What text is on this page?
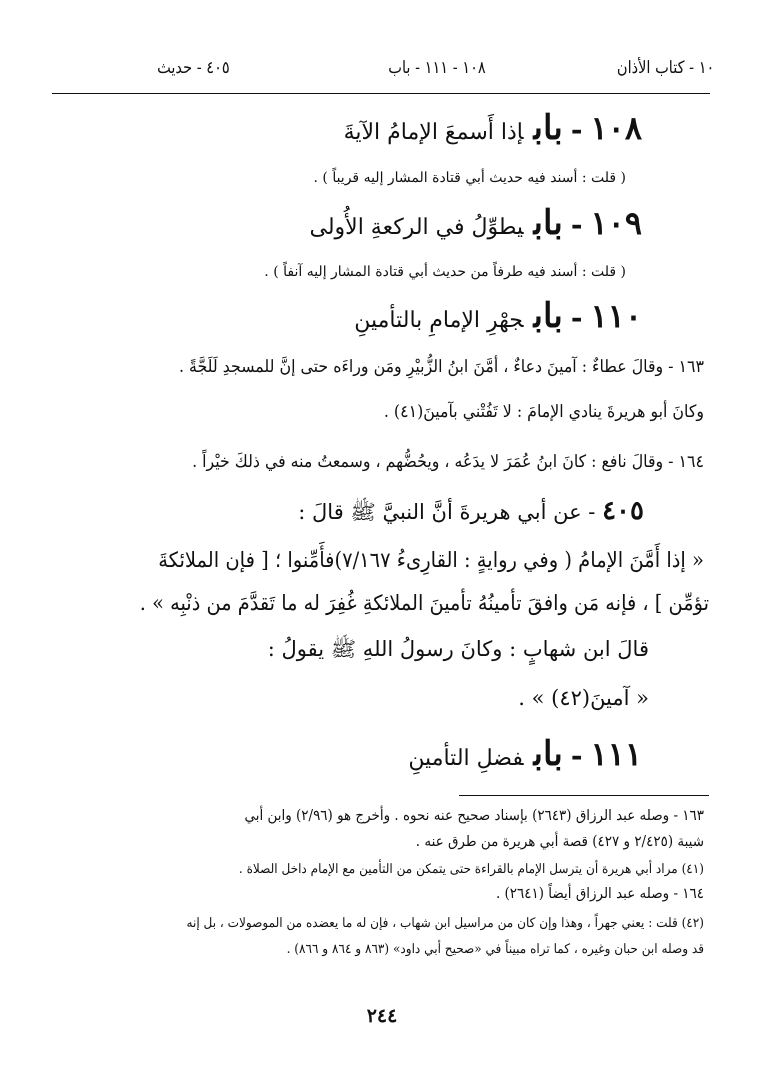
١٠ - كتاب الأذان
١٠٨ - ١١١ - باب
٤٠٥ - حديث
١٠٨-بابإذا أَسمعَ الإمامُ الآيةَ
( قلت : أسند فيه حديث أبي قتادة المشار إليه قريباً ) .
١٠٩-بابيطوِّلُ في الركعةِ الأُولى
( قلت : أسند فيه طرفاً من حديث أبي قتادة المشار إليه آنفاً ) .
١١٠-بابجهْرِ الإمامِ بالتأمينِ
١٦٣ - وقالَ عطاءٌ : آمينَ دعاءٌ ، أمَّنَ ابنُ الزُّبيْرِ ومَن وراءَه حتى إنَّ للمسجدِ لَلَجَّةً .
وكانَ أبو هريرةَ ينادي الإمامَ : لا تَفُتْني بآمينَ(٤١) .
١٦٤ - وقالَ نافع : كانَ ابنُ عُمَرَ لا يدَعُه ، ويحُضُّهم ، وسمعتُ منه في ذلكَ خيْراً .
٤٠٥ - عن أبي هريرةَ أنَّ النبيَّ ﷺ قالَ :
« إذا أَمَّنَ الإمامُ ( وفي روايةٍ : القارِىءُ ٧/١٦٧)فأَمِّنوا ؛ [ فإن الملائكةَ
تؤمِّن ] ، فإنه مَن وافقَ تأمينُهُ تأمينَ الملائكةِ غُفِرَ له ما تَقدَّمَ من ذنْبِه » .
قالَ ابن شهابٍ : وكانَ رسولُ اللهِ ﷺ يقولُ :
« آمينَ(٤٢) » .
١١١-بابفضلِ التأمينِ
١٦٣ - وصله عبد الرزاق (٢٦٤٣) بإسناد صحيح عنه نحوه . وأخرج هو (٢/٩٦) وابن أبي
شيبة (٢/٤٢٥ و ٤٢٧) قصة أبي هريرة من طرق عنه .
(٤١) مراد أبي هريرة أن يترسل الإمام بالقراءة حتى يتمكن من التأمين مع الإمام داخل الصلاة .
١٦٤ - وصله عبد الرزاق أيضاً (٢٦٤١) .
(٤٢) قلت : يعني جهراً ، وهذا وإن كان من مراسيل ابن شهاب ، فإن له ما يعضده من الموصولات ، بل إنه
قد وصله ابن حبان وغيره ، كما تراه مبيناً في «صحيح أبي داود» (٨٦٣ و ٨٦٤ و ٨٦٦) .
٢٤٤
